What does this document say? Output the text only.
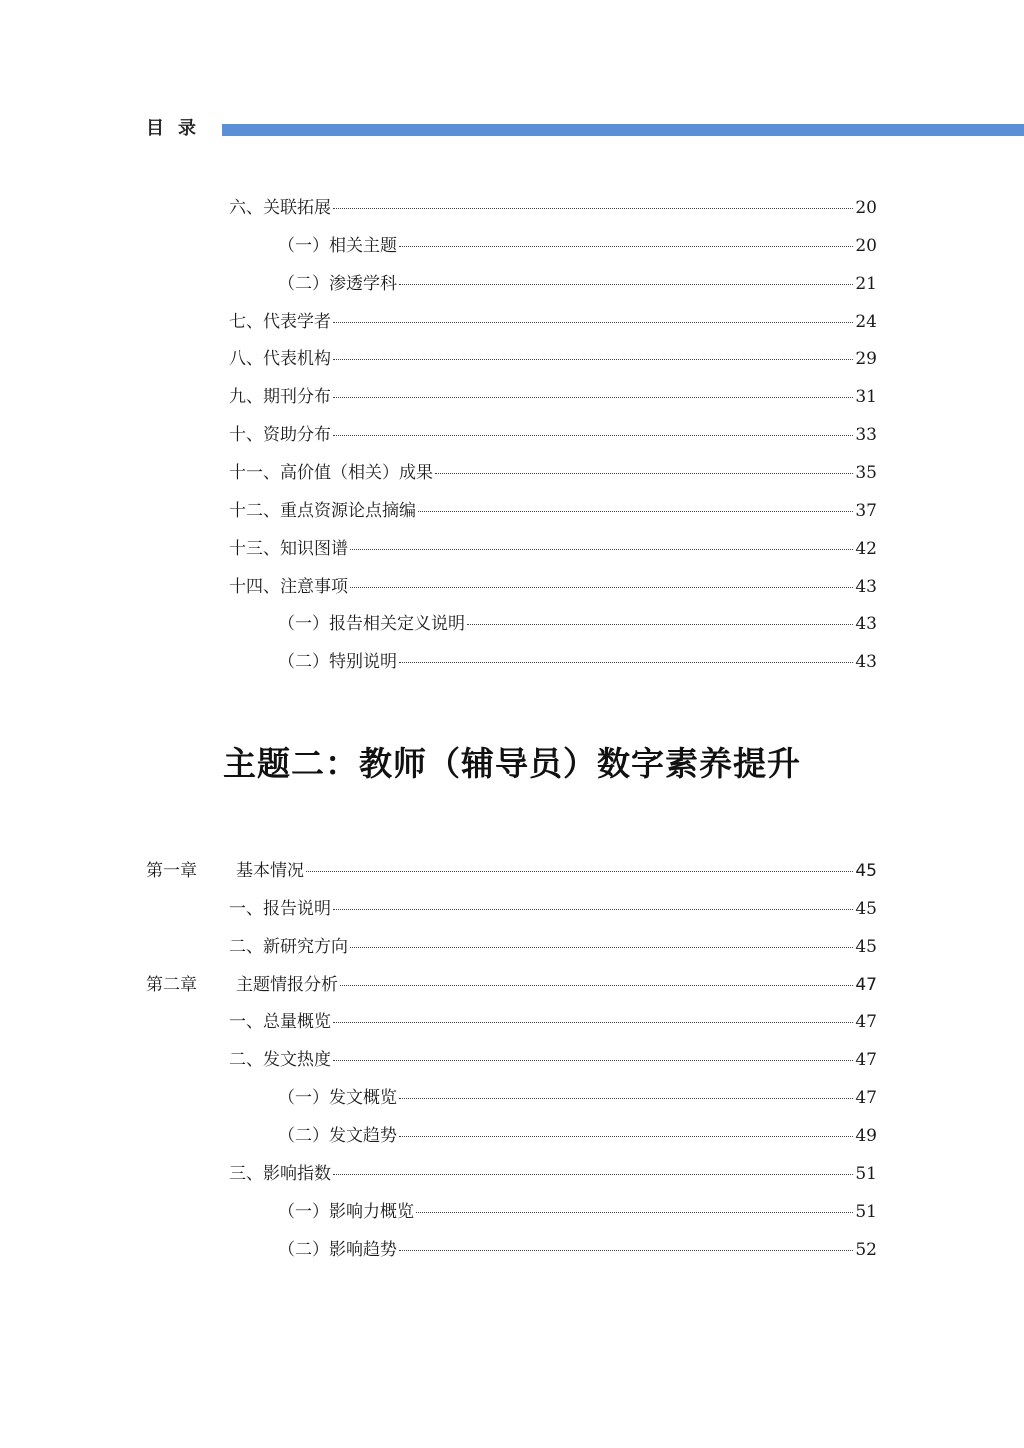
目录
六、关联拓展	20
（一）相关主题	20
（二）渗透学科	21
七、代表学者	24
八、代表机构	29
九、期刊分布	31
十、资助分布	33
十一、高价值（相关）成果	35
十二、重点资源论点摘编	37
十三、知识图谱	42
十四、注意事项	43
（一）报告相关定义说明	43
（二）特别说明	43
主题二：教师（辅导员）数字素养提升
第一章 基本情况	45
一、报告说明	45
二、新研究方向	45
第二章 主题情报分析	47
一、总量概览	47
二、发文热度	47
（一）发文概览	47
（二）发文趋势	49
三、影响指数	51
（一）影响力概览	51
（二）影响趋势	52
